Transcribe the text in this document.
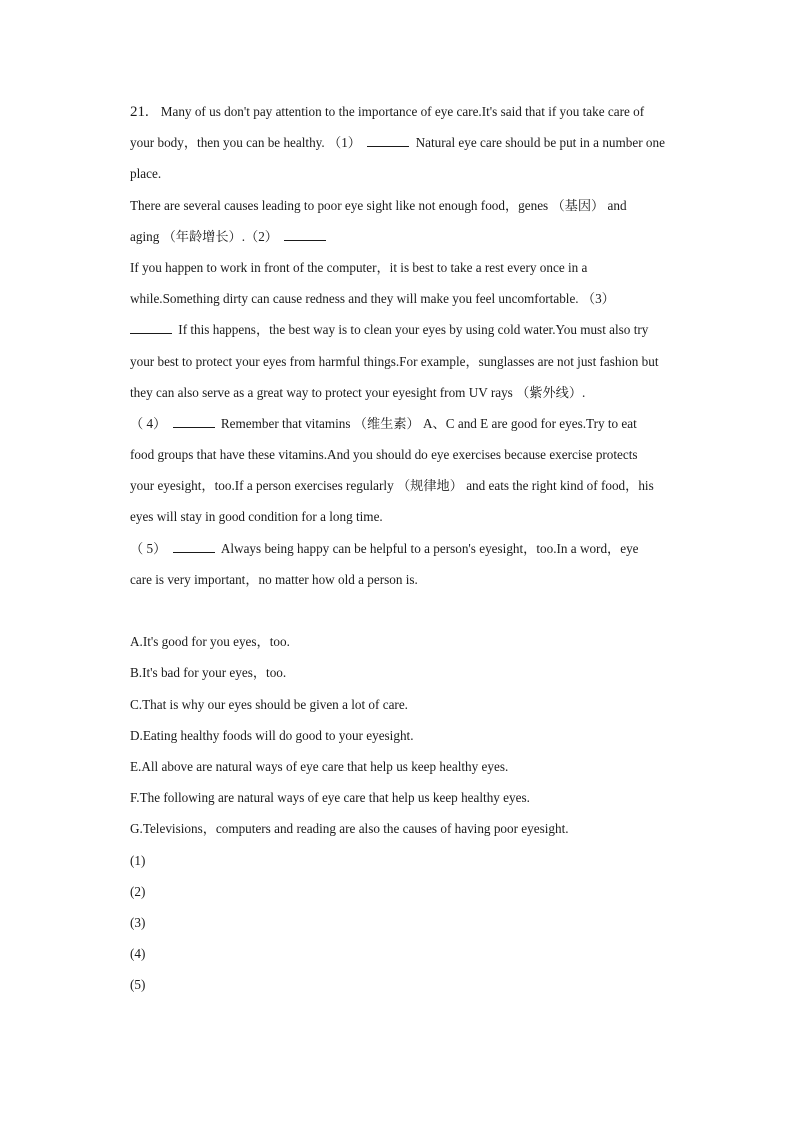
21. Many of us don't pay attention to the importance of eye care.It's said that if you take care of
your body，then you can be healthy. （1）	Natural eye care should be put in a number one
place.
There are several causes leading to poor eye sight like not enough food，genes （基因） and
aging （年龄增长）.（2）
If you happen to work in front of the computer，it is best to take a rest every once in a
while.Something dirty can cause redness and they will make you feel uncomfortable. （3）
If this happens，the best way is to clean your eyes by using cold water.You must also try
your best to protect your eyes from harmful things.For example，sunglasses are not just fashion but
they can also serve as a great way to protect your eyesight from UV rays （紫外线）.
（ 4）	Remember that vitamins （维生素） A、C and E are good for eyes.Try to eat
food groups that have these vitamins.And you should do eye exercises because exercise protects
your eyesight，too.If a person exercises regularly （规律地） and eats the right kind of food，his
eyes will stay in good condition for a long time.
（ 5）	Always being happy can be helpful to a person's eyesight，too.In a word，eye
care is very important，no matter how old a person is.
A.It's good for you eyes，too.
B.It's bad for your eyes，too.
C.That is why our eyes should be given a lot of care.
D.Eating healthy foods will do good to your eyesight.
E.All above are natural ways of eye care that help us keep healthy eyes.
F.The following are natural ways of eye care that help us keep healthy eyes.
G.Televisions，computers and reading are also the causes of having poor eyesight.
(1)
(2)
(3)
(4)
(5)
